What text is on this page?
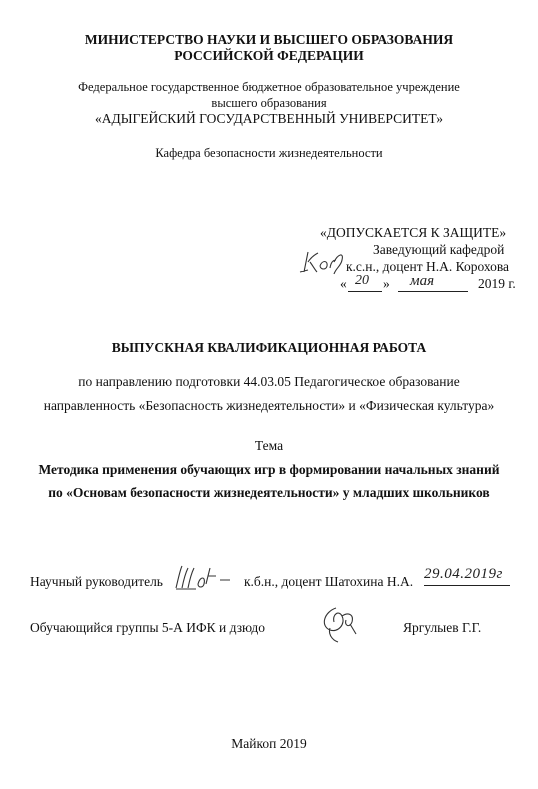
МИНИСТЕРСТВО НАУКИ И ВЫСШЕГО ОБРАЗОВАНИЯ
РОССИЙСКОЙ ФЕДЕРАЦИИ
Федеральное государственное бюджетное образовательное учреждение
высшего образования
«АДЫГЕЙСКИЙ ГОСУДАРСТВЕННЫЙ УНИВЕРСИТЕТ»
Кафедра безопасности жизнедеятельности
«ДОПУСКАЕТСЯ К ЗАЩИТЕ»
Заведующий кафедрой
к.с.н., доцент Н.А. Корохова
« 20 » мая	2019 г.
ВЫПУСКНАЯ КВАЛИФИКАЦИОННАЯ РАБОТА
по направлению подготовки 44.03.05 Педагогическое образование
направленность «Безопасность жизнедеятельности» и «Физическая культура»
Тема
Методика применения обучающих игр в формировании начальных знаний
по «Основам безопасности жизнедеятельности» у младших школьников
Научный руководитель	к.б.н., доцент Шатохина Н.А. 29.04.2019г
Обучающийся группы 5-А ИФК и дзюдо	Яргулыев Г.Г.
Майкоп 2019
